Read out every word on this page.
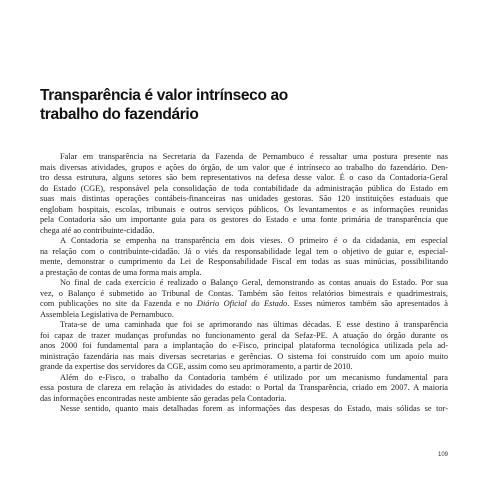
Transparência é valor intrínseco ao
trabalho do fazendário

Falar em transparência na Secretaria da Fazenda de Pernambuco é ressaltar uma postura presente nas
mais diversas atividades, grupos e ações do órgão, de um valor que é intrínseco ao trabalho do fazendário. Den-
tro dessa estrutura, alguns setores são bem representativos na defesa desse valor. É o caso da Contadoria-Geral
do Estado (CGE), responsável pela consolidação de toda contabilidade da administração pública do Estado em
suas mais distintas operações contábeis-financeiras nas unidades gestoras. São 120 instituições estaduais que
englobam hospitais, escolas, tribunais e outros serviços públicos. Os levantamentos e as informações reunidas
pela Contadoria são um importante guia para os gestores do Estado e uma fonte primária de transparência que
chega até ao contribuinte-cidadão.

A Contadoria se empenha na transparência em dois vieses. O primeiro é o da cidadania, em especial
na relação com o contribuinte-cidadão. Já o viés da responsabilidade legal tem o objetivo de guiar e, especial-
mente, demonstrar o cumprimento da Lei de Responsabilidade Fiscal em todas as suas minúcias, possibilitando
a prestação de contas de uma forma mais ampla.

No final de cada exercício é realizado o Balanço Geral, demonstrando as contas anuais do Estado. Por sua
vez, o Balanço é submetido ao Tribunal de Contas. Também são feitos relatórios bimestrais e quadrimestrais,
com publicações no site da Fazenda e no Diário Oficial do Estado. Esses números também são apresentados à
Assembleia Legislativa de Pernambuco.

Trata-se de uma caminhada que foi se aprimorando nas últimas décadas. E esse destino à transparência
foi capaz de trazer mudanças profundas no funcionamento geral da Sefaz-PE. A atuação do órgão durante os
anos 2000 foi fundamental para a implantação do e-Fisco, principal plataforma tecnológica utilizada pela ad-
ministração fazendária nas mais diversas secretarias e gerências. O sistema foi construído com um apoio muito
grande da expertise dos servidores da CGE, assim como seu aprimoramento, a partir de 2010.

Além do e-Fisco, o trabalho da Contadoria também é utilizado por um mecanismo fundamental para
essa postura de clareza em relação às atividades do estado: o Portal da Transparência, criado em 2007. A maioria
das informações encontradas neste ambiente são geradas pela Contadoria.

Nesse sentido, quanto mais detalhadas forem as informações das despesas do Estado, mais sólidas se tor-

109
